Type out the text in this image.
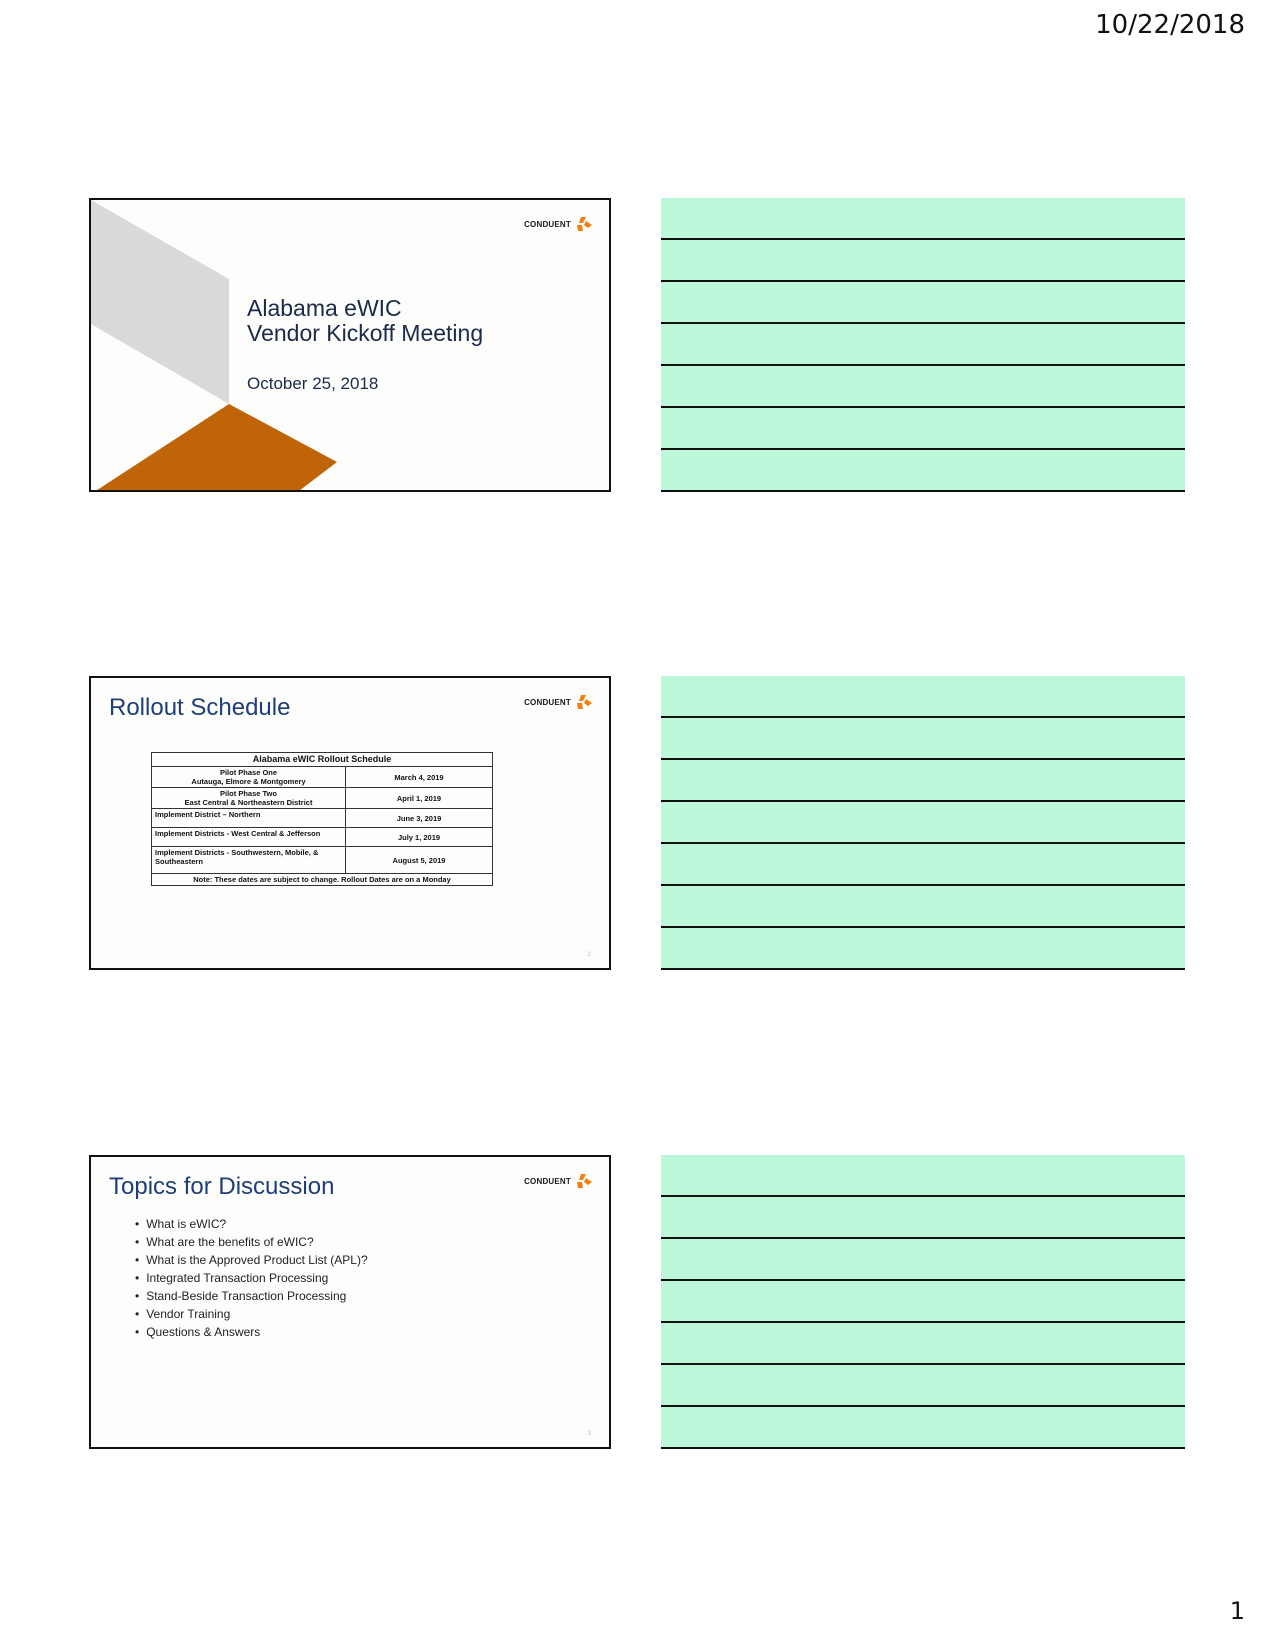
10/22/2018
CONDUENT
Alabama eWIC
Vendor Kickoff Meeting
October 25, 2018
Rollout Schedule	CONDUENT
Alabama eWIC Rollout Schedule	

Pilot Phase One
Autauga, Elmore & Montgomery	March 4, 2019

Pilot Phase Two
East Central & Northeastern District	April 1, 2019

Implement District – Northern	June 3, 2019

Implement Districts - West Central & Jefferson	July 1, 2019

Implement Districts - Southwestern, Mobile, &
Southeastern	August 5, 2019
Note: These dates are subject to change. Rollout Dates are on a Monday	
2
Topics for Discussion	CONDUENT
• What is eWIC?
• What are the benefits of eWIC?
• What is the Approved Product List (APL)?
• Integrated Transaction Processing
• Stand-Beside Transaction Processing
• Vendor Training
• Questions & Answers
3
1
